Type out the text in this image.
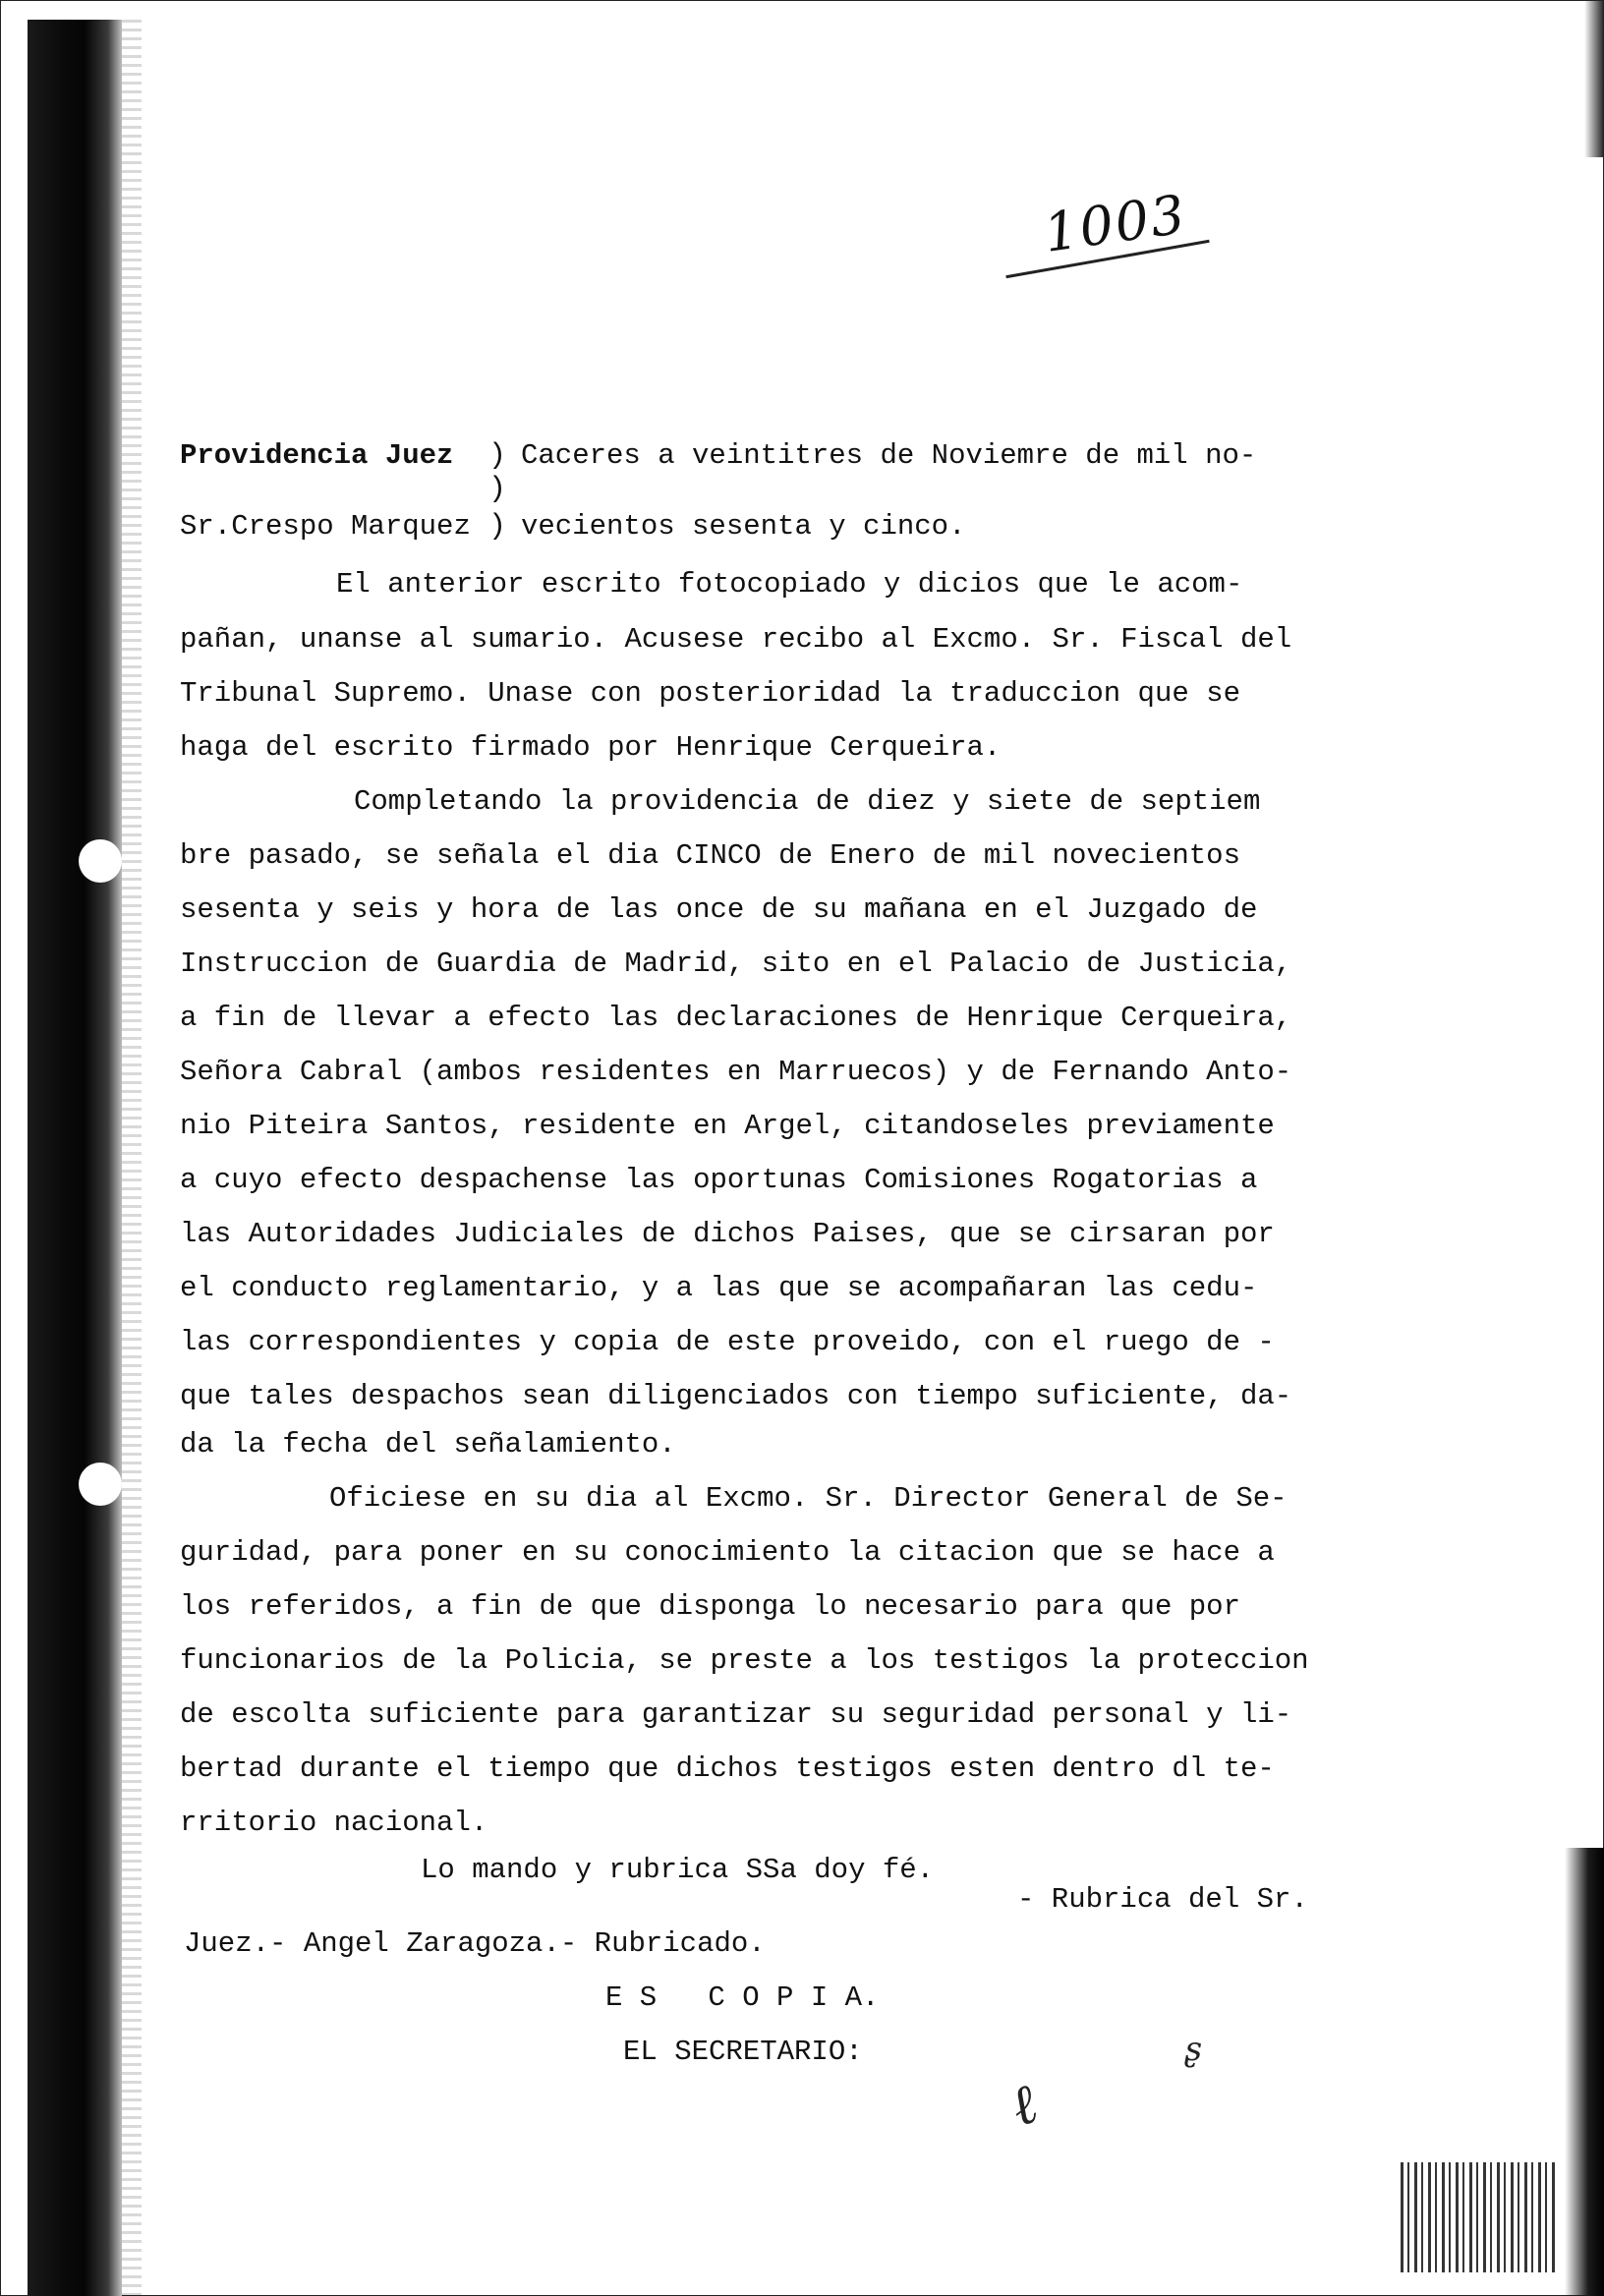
1003
Providencia Juez )
)
Caceres a veintitres de Noviemre de mil no-
Sr.Crespo Marquez ) vecientos sesenta y cinco.
El anterior escrito fotocopiado y dicios que le acom-
pañan, unanse al sumario. Acusese recibo al Excmo. Sr. Fiscal del
Tribunal Supremo. Unase con posterioridad la traduccion que se
haga del escrito firmado por Henrique Cerqueira.
Completando la providencia de diez y siete de septiem
bre pasado, se señala el dia CINCO de Enero de mil novecientos
sesenta y seis y hora de las once de su mañana en el Juzgado de
Instruccion de Guardia de Madrid, sito en el Palacio de Justicia,
a fin de llevar a efecto las declaraciones de Henrique Cerqueira,
Señora Cabral (ambos residentes en Marruecos) y de Fernando Anto-
nio Piteira Santos, residente en Argel, citandoseles previamente
a cuyo efecto despachense las oportunas Comisiones Rogatorias a
las Autoridades Judiciales de dichos Paises, que se cirsaran por
el conducto reglamentario, y a las que se acompañaran las cedu-
las correspondientes y copia de este proveido, con el ruego de -
que tales despachos sean diligenciados con tiempo suficiente, da-
da la fecha del señalamiento.
Oficiese en su dia al Excmo. Sr. Director General de Se-
guridad, para poner en su conocimiento la citacion que se hace a
los referidos, a fin de que disponga lo necesario para que por
funcionarios de la Policia, se preste a los testigos la proteccion
de escolta suficiente para garantizar su seguridad personal y li-
bertad durante el tiempo que dichos testigos esten dentro dl te-
rritorio nacional.
Lo mando y rubrica SSa doy fé.
- Rubrica del Sr.
Juez.- Angel Zaragoza.- Rubricado.
E S   C O P I A.
EL SECRETARIO:
ℓ
ʂ
